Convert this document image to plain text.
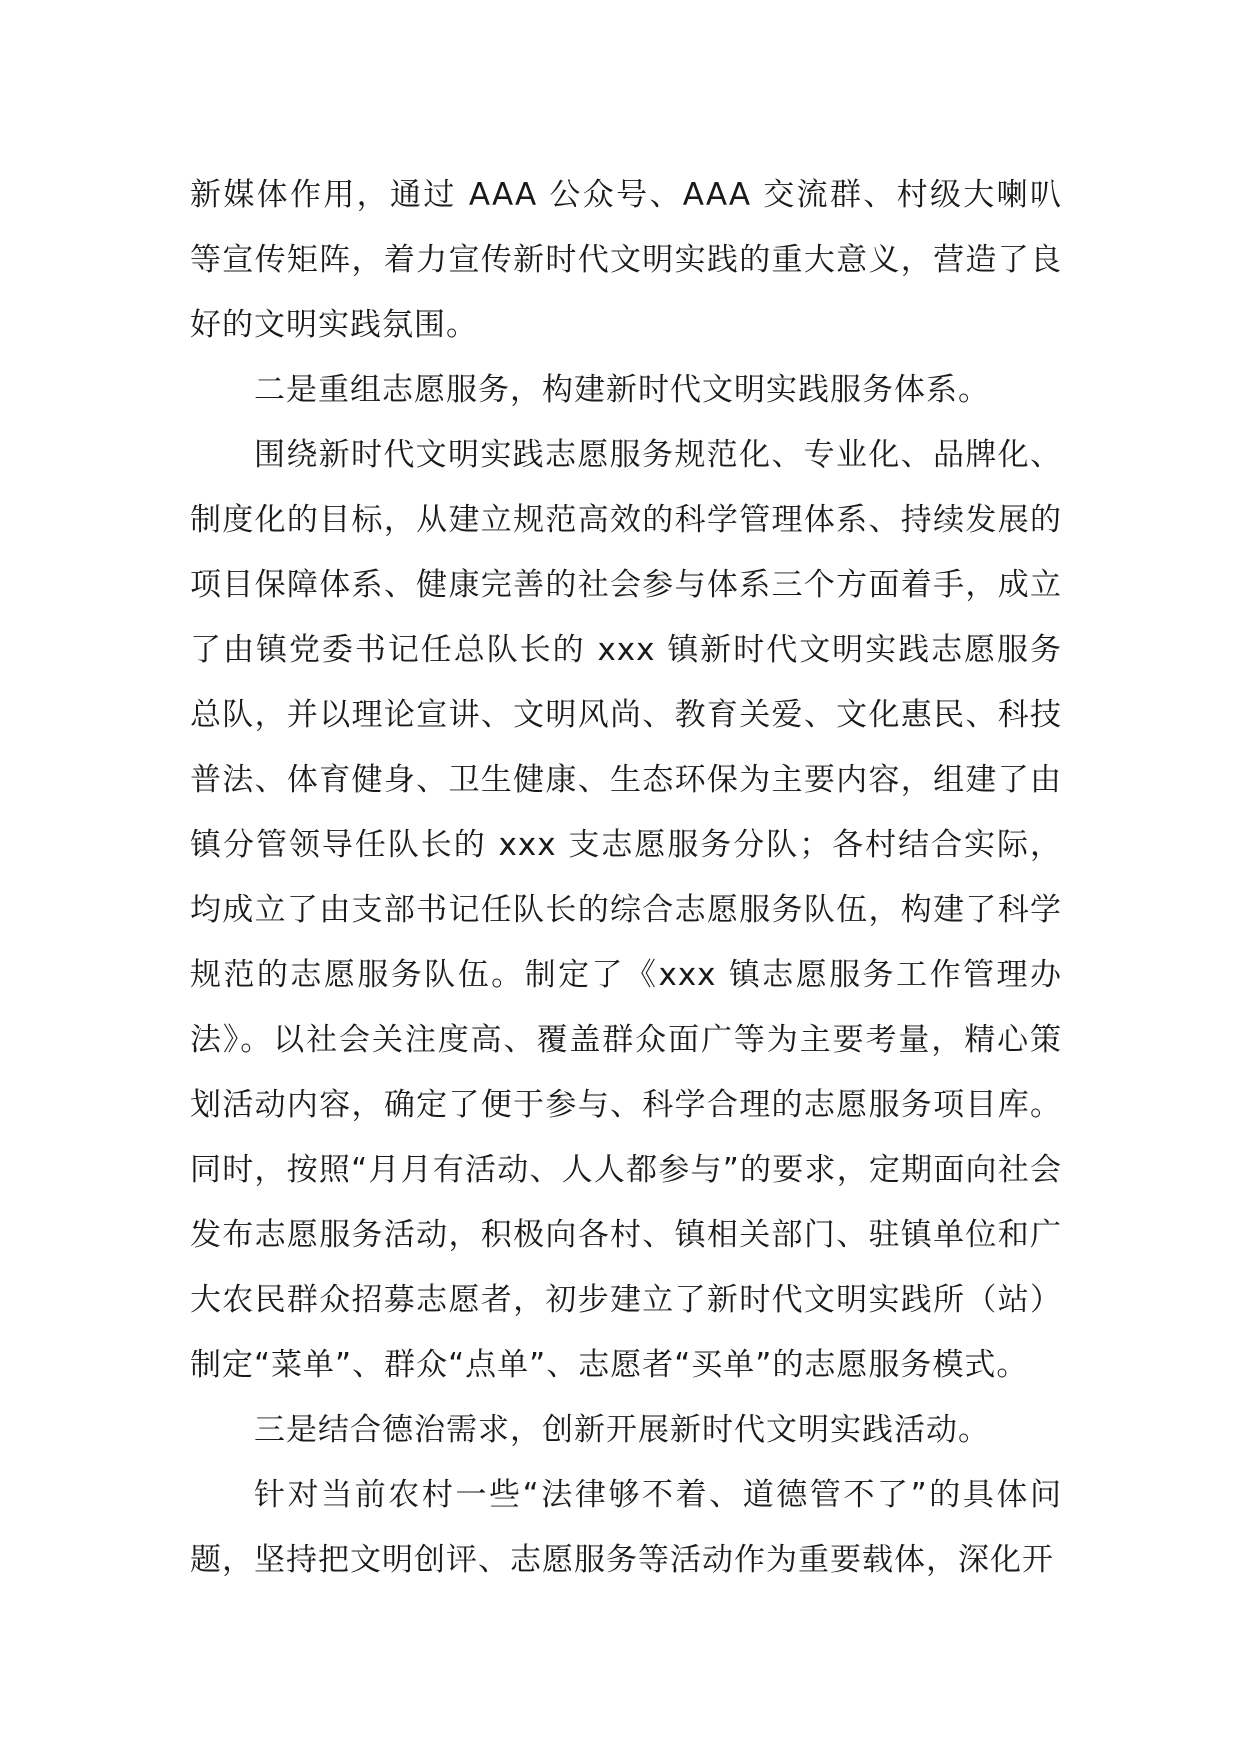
新媒体作用，通过 AAA 公众号、AAA 交流群、村级大喇叭等宣传矩阵，着力宣传新时代文明实践的重大意义，营造了良好的文明实践氛围。

二是重组志愿服务，构建新时代文明实践服务体系。

围绕新时代文明实践志愿服务规范化、专业化、品牌化、制度化的目标，从建立规范高效的科学管理体系、持续发展的项目保障体系、健康完善的社会参与体系三个方面着手，成立了由镇党委书记任总队长的 xxx 镇新时代文明实践志愿服务总队，并以理论宣讲、文明风尚、教育关爱、文化惠民、科技普法、体育健身、卫生健康、生态环保为主要内容，组建了由镇分管领导任队长的 xxx 支志愿服务分队；各村结合实际，均成立了由支部书记任队长的综合志愿服务队伍，构建了科学规范的志愿服务队伍。制定了《xxx 镇志愿服务工作管理办法》。以社会关注度高、覆盖群众面广等为主要考量，精心策划活动内容，确定了便于参与、科学合理的志愿服务项目库。同时，按照“月月有活动、人人都参与”的要求，定期面向社会发布志愿服务活动，积极向各村、镇相关部门、驻镇单位和广大农民群众招募志愿者，初步建立了新时代文明实践所（站）制定“菜单”、群众“点单”、志愿者“买单”的志愿服务模式。

三是结合德治需求，创新开展新时代文明实践活动。

针对当前农村一些“法律够不着、道德管不了”的具体问题，坚持把文明创评、志愿服务等活动作为重要载体，深化开
